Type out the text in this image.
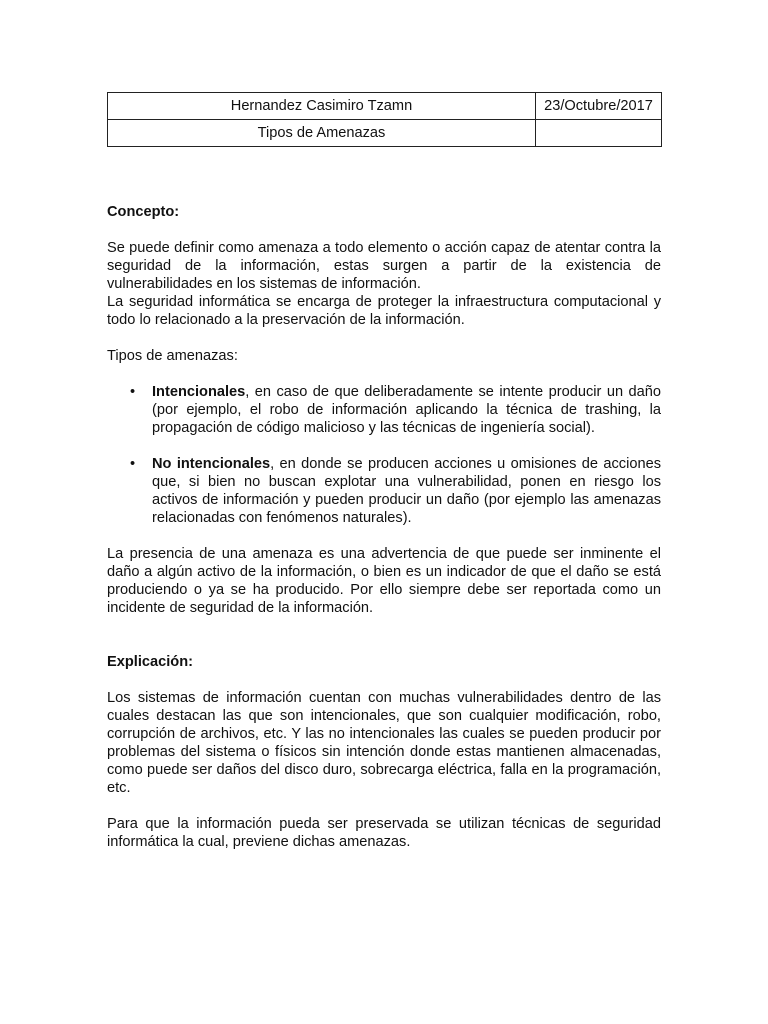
Hernandez Casimiro Tzamn	23/Octubre/2017
Tipos de Amenazas	
Concepto:

Se puede definir como amenaza a todo elemento o acción capaz de atentar contra la seguridad de la información, estas surgen a partir de la existencia de vulnerabilidades en los sistemas de información.

La seguridad informática se encarga de proteger la infraestructura computacional y todo lo relacionado a la preservación de la información.

Tipos de amenazas:

• Intencionales, en caso de que deliberadamente se intente producir un daño (por ejemplo, el robo de información aplicando la técnica de trashing, la propagación de código malicioso y las técnicas de ingeniería social).
• No intencionales, en donde se producen acciones u omisiones de acciones que, si bien no buscan explotar una vulnerabilidad, ponen en riesgo los activos de información y pueden producir un daño (por ejemplo las amenazas relacionadas con fenómenos naturales).

La presencia de una amenaza es una advertencia de que puede ser inminente el daño a algún activo de la información, o bien es un indicador de que el daño se está produciendo o ya se ha producido. Por ello siempre debe ser reportada como un incidente de seguridad de la información.

Explicación:

Los sistemas de información cuentan con muchas vulnerabilidades dentro de las cuales destacan las que son intencionales, que son cualquier modificación, robo, corrupción de archivos, etc. Y las no intencionales las cuales se pueden producir por problemas del sistema o físicos sin intención donde estas mantienen almacenadas, como puede ser daños del disco duro, sobrecarga eléctrica, falla en la programación, etc.

Para que la información pueda ser preservada se utilizan técnicas de seguridad informática la cual, previene dichas amenazas.
